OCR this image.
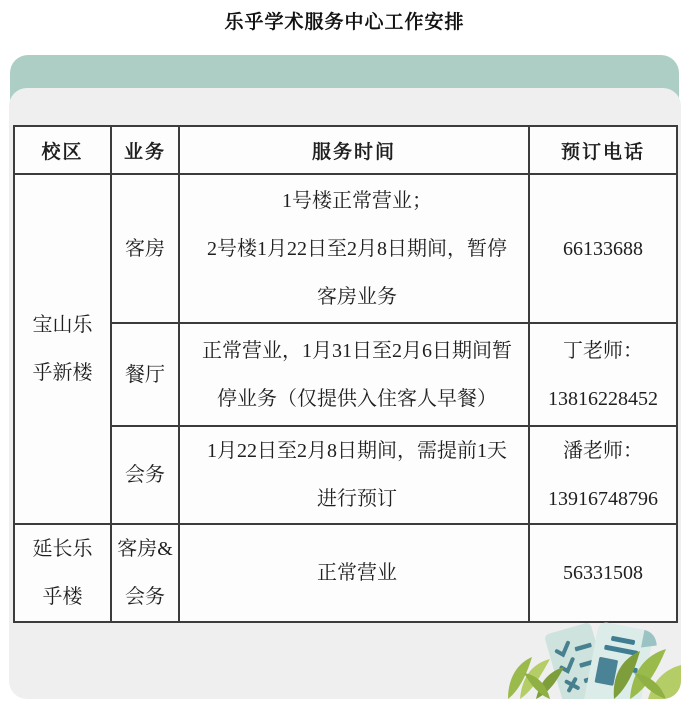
乐乎学术服务中心工作安排
校区	业务	服务时间	预订电话

宝山乐
乎新楼	客房	1号楼正常营业；
2号楼1月22日至2月8日期间，暂停
客房业务	66133688

	餐厅	正常营业，1月31日至2月6日期间暂
停业务（仅提供入住客人早餐）	丁老师：
13816228452

	会务	1月22日至2月8日期间，需提前1天
进行预订	潘老师：
13916748796

延长乐
乎楼	客房&
会务	正常营业	56331508
